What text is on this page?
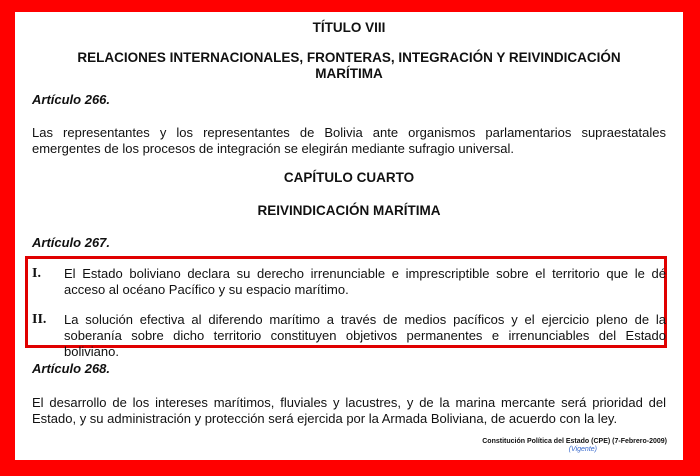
TÍTULO VIII
RELACIONES INTERNACIONALES, FRONTERAS, INTEGRACIÓN Y REIVINDICACIÓN MARÍTIMA
Artículo 266.
Las representantes y los representantes de Bolivia ante organismos parlamentarios supraestatales emergentes de los procesos de integración se elegirán mediante sufragio universal.
CAPÍTULO CUARTO
REIVINDICACIÓN MARÍTIMA
Artículo 267.
I. El Estado boliviano declara su derecho irrenunciable e imprescriptible sobre el territorio que le dé acceso al océano Pacífico y su espacio marítimo.
II. La solución efectiva al diferendo marítimo a través de medios pacíficos y el ejercicio pleno de la soberanía sobre dicho territorio constituyen objetivos permanentes e irrenunciables del Estado boliviano.
Artículo 268.
El desarrollo de los intereses marítimos, fluviales y lacustres, y de la marina mercante será prioridad del Estado, y su administración y protección será ejercida por la Armada Boliviana, de acuerdo con la ley.
Constitución Política del Estado (CPE) (7-Febrero-2009)
(Vigente)
